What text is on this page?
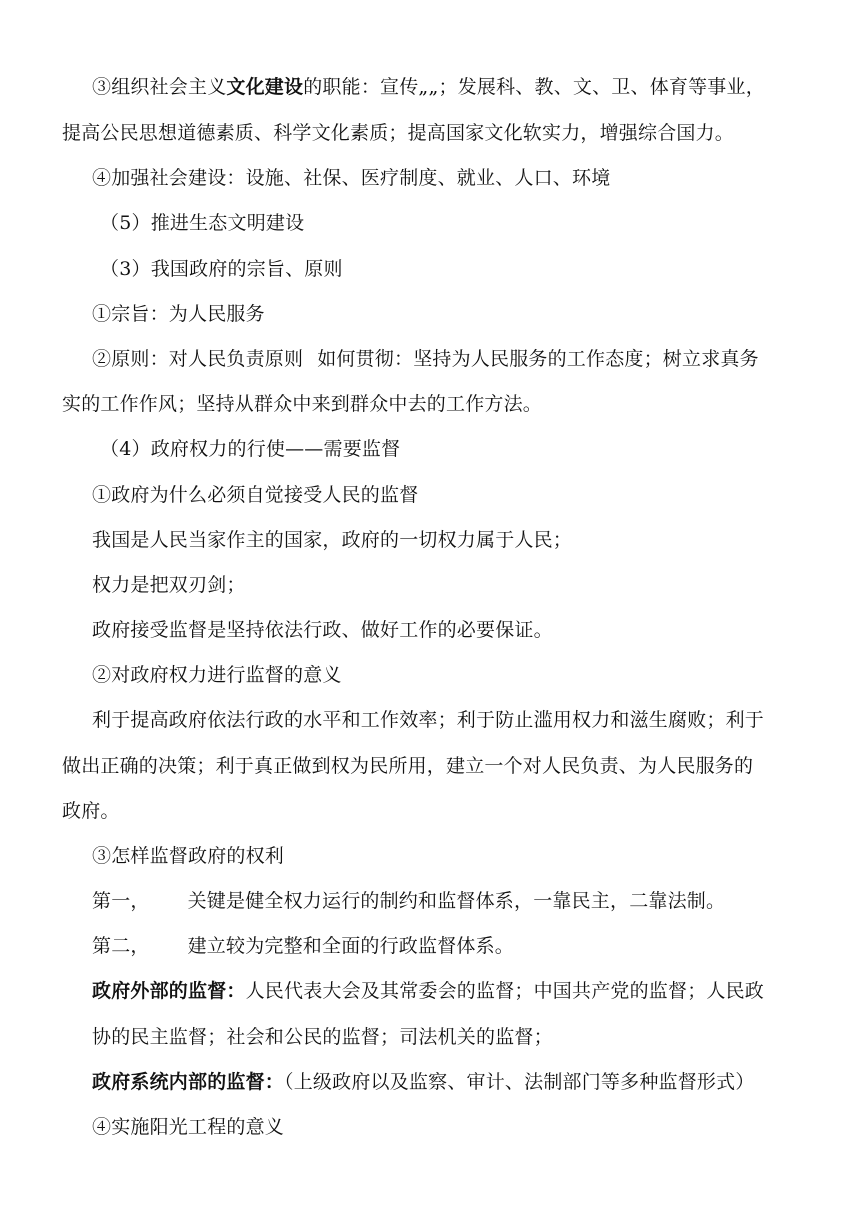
③组织社会主义文化建设的职能：宣传„„；发展科、教、文、卫、体育等事业，
提高公民思想道德素质、科学文化素质；提高国家文化软实力，增强综合国力。
④加强社会建设：设施、社保、医疗制度、就业、人口、环境
（5）推进生态文明建设
（3）我国政府的宗旨、原则
①宗旨：为人民服务
②原则：对人民负责原则 如何贯彻：坚持为人民服务的工作态度；树立求真务
实的工作作风；坚持从群众中来到群众中去的工作方法。
（4）政府权力的行使——需要监督
①政府为什么必须自觉接受人民的监督
我国是人民当家作主的国家，政府的一切权力属于人民；
权力是把双刃剑；
政府接受监督是坚持依法行政、做好工作的必要保证。
②对政府权力进行监督的意义
利于提高政府依法行政的水平和工作效率；利于防止滥用权力和滋生腐败；利于
做出正确的决策；利于真正做到权为民所用，建立一个对人民负责、为人民服务的
政府。
③怎样监督政府的权利
第一， 关键是健全权力运行的制约和监督体系，一靠民主，二靠法制。
第二， 建立较为完整和全面的行政监督体系。
政府外部的监督：人民代表大会及其常委会的监督；中国共产党的监督；人民政
协的民主监督；社会和公民的监督；司法机关的监督；
政府系统内部的监督：（上级政府以及监察、审计、法制部门等多种监督形式）
④实施阳光工程的意义
